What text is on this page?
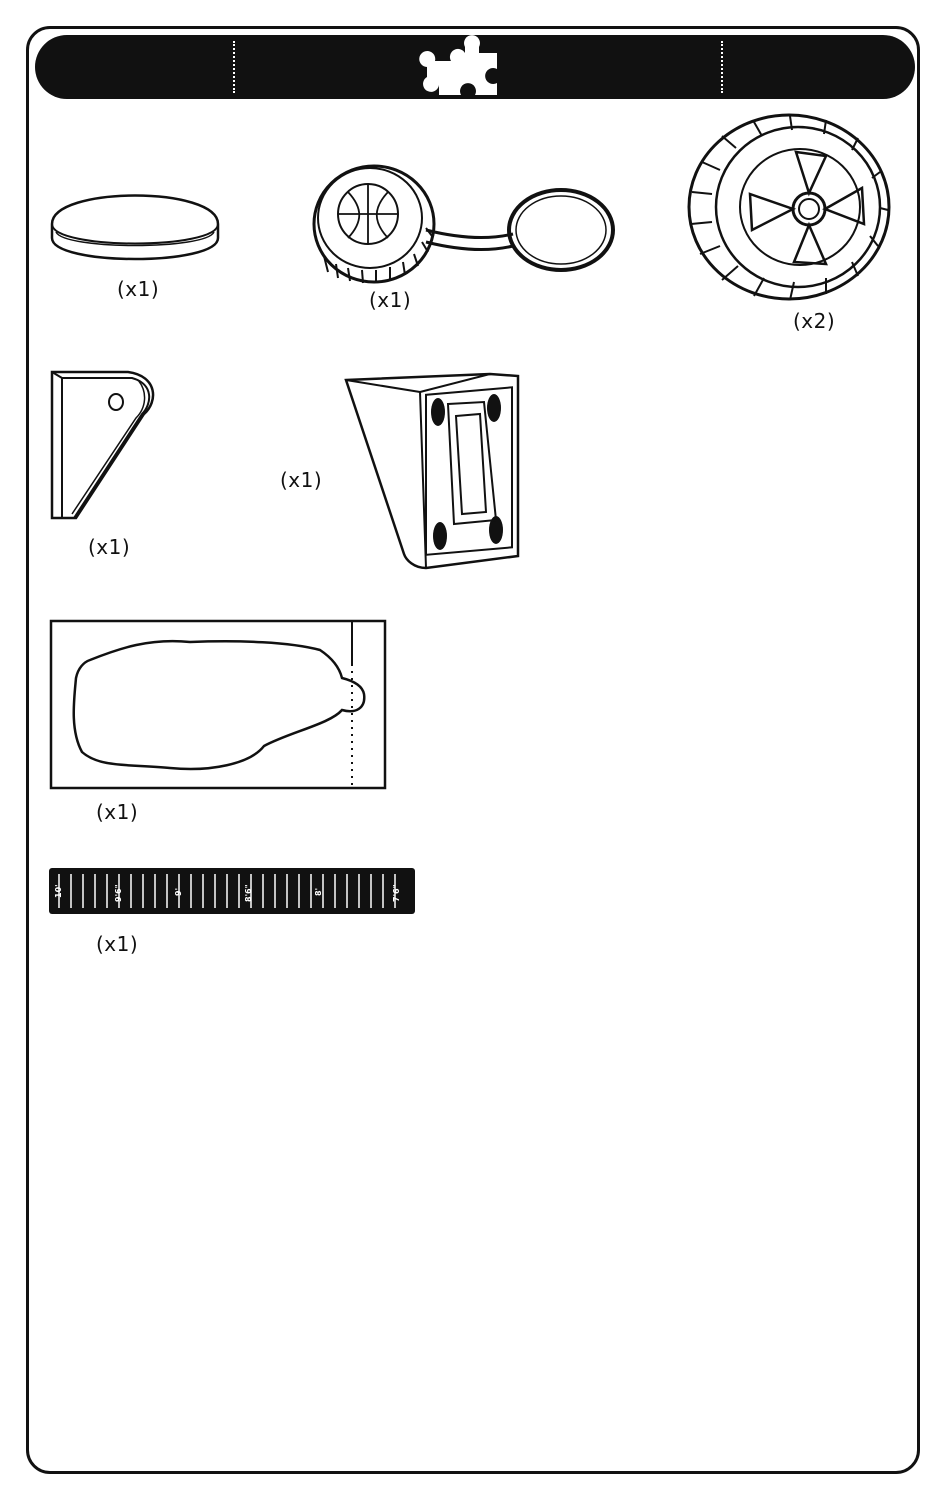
(x1)	(x1)
(x2)
(x1)
(x1)
(x1)
10'	9'6"	9'	8'6"	8'	7'6"
(x1)
